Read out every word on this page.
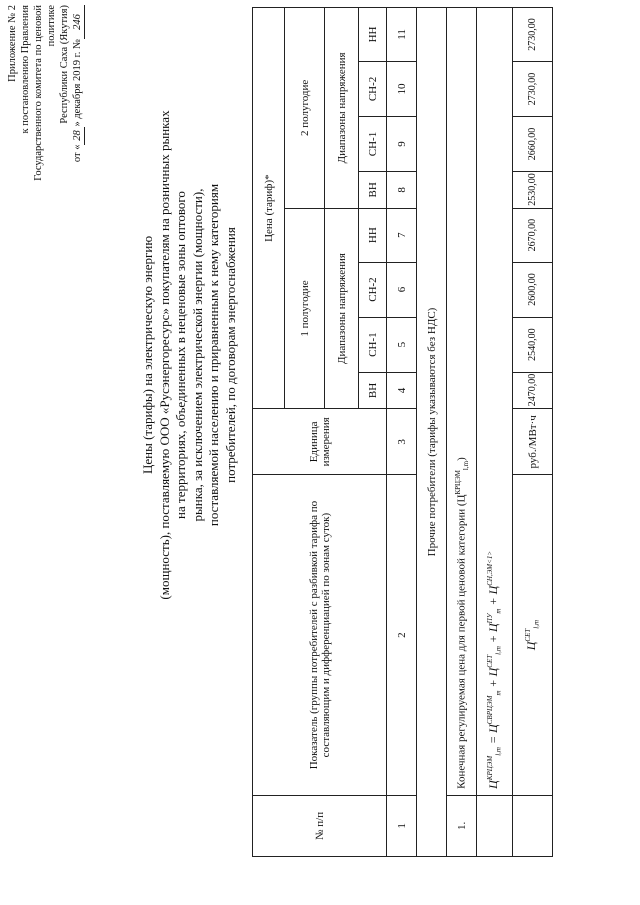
Приложение № 2 к постановлению Правления Государственного комитета по ценовой политике Республики Саха (Якутия)
от «28» декабря 2019 г. №246
Цены (тарифы) на электрическую энергию (мощность), поставляемую ООО «Русэнергоресурс» покупателям на розничных рынках на территориях, объединенных в неценовые зоны оптового рынка, за исключением электрической энергии (мощности), поставляемой населению и приравненным к нему категориям потребителей, по договорам энергоснабжения
№ п/п	Показатель (группы потребителей с разбивкой тарифа по составляющим и дифференциацией по зонам суток)	Единица измерения	Цена (тариф)*							
			1 полугодие				2 полугодие			
			Диапазоны напряжения				Диапазоны напряжения			
			ВН	СН-1	СН-2	НН	ВН	СН-1	СН-2	НН
1	2	3	4	5	6	7	8	9	10	11
Прочие потребители (тарифы указываются без НДС)										
1.	Конечная регулируемая цена для первой ценовой категории $(Ц^{КРЦЭМ}_{l,m})$									
	$Ц^{КРЦЭМ}_{l,m} = Ц^{СВРЦЭМ}_m + Ц^{СЕТ}_{l,m} + Ц^{ПУ}_m + Ц^{СН,ЭМ<1>}$
	$Ц^{СЕТ}_{l,m}$	руб./МВт·ч	2470,00	2540,00	2600,00	2670,00	2530,00	2660,00	2730,00	2730,00
